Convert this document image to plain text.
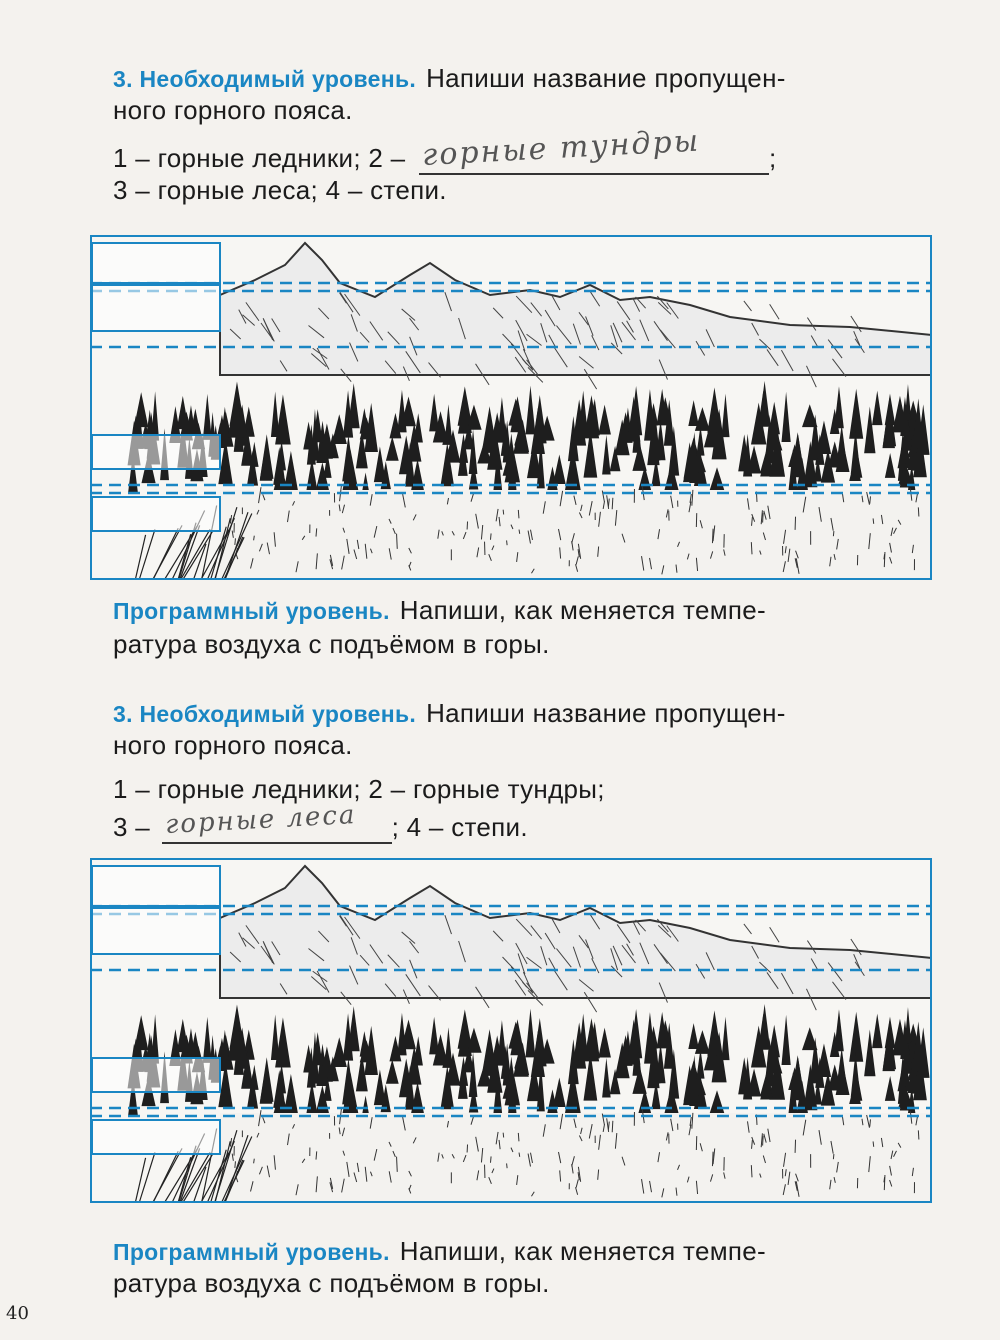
3. Необходимый уровень. Напиши название пропущен-
ного горного пояса.
1 – горные ледники; 2 – горные тундры	;
3 – горные леса; 4 – степи.
Программный уровень. Напиши, как меняется темпе-
ратура воздуха с подъёмом в горы.
3. Необходимый уровень. Напиши название пропущен-
ного горного пояса.
1 – горные ледники; 2 – горные тундры;
3 – горные леса ; 4 – степи.
Программный уровень. Напиши, как меняется темпе-
ратура воздуха с подъёмом в горы.
40
